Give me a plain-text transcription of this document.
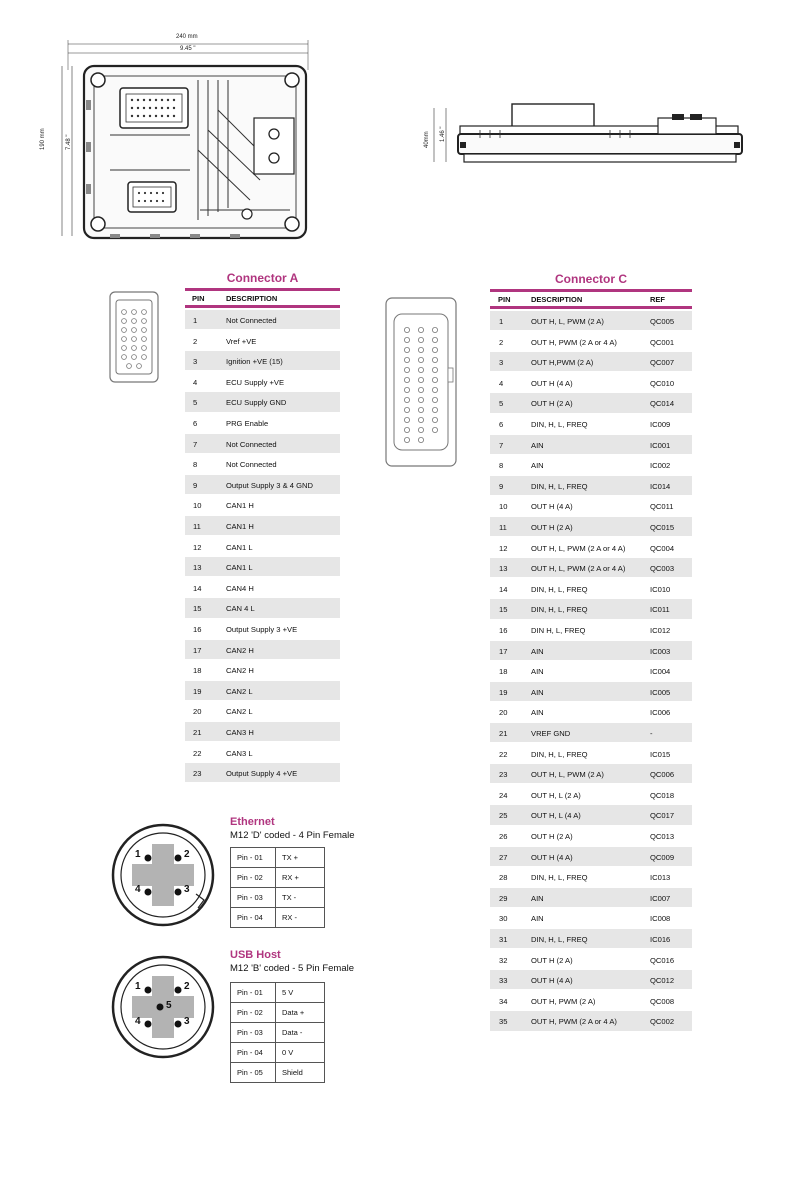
240 mm
9.45 "
190 mm	7.48 "	40mm 1.46 "
Connector A
PIN	DESCRIPTION
1	Not Connected
2	Vref +VE
3	Ignition +VE (15)
4	ECU Supply +VE
5	ECU Supply GND
6	PRG Enable
7	Not Connected
8	Not Connected
9	Output Supply 3 & 4 GND
10	CAN1 H
11	CAN1 H
12	CAN1 L
13	CAN1 L
14	CAN4 H
15	CAN 4 L
16	Output Supply 3 +VE
17	CAN2 H
18	CAN2 H
19	CAN2 L
20	CAN2 L
21	CAN3 H
22	CAN3 L
23	Output Supply 4 +VE
Connector C
PIN	DESCRIPTION	REF
1	OUT H, L, PWM (2 A)	QC005
2	OUT H, PWM (2 A or 4 A)	QC001
3	OUT H,PWM (2 A)	QC007
4	OUT H (4 A)	QC010
5	OUT H (2 A)	QC014
6	DIN, H, L, FREQ	IC009
7	AIN	IC001
8	AIN	IC002
9	DIN, H, L, FREQ	IC014
10	OUT H (4 A)	QC011
11	OUT H (2 A)	QC015
12	OUT H, L, PWM (2 A or 4 A)	QC004
13	OUT H, L, PWM (2 A or 4 A)	QC003
14	DIN, H, L, FREQ	IC010
15	DIN, H, L, FREQ	IC011
16	DIN H, L, FREQ	IC012
17	AIN	IC003
18	AIN	IC004
19	AIN	IC005
20	AIN	IC006
21	VREF GND	-
22	DIN, H, L, FREQ	IC015
23	OUT H, L, PWM (2 A)	QC006
24	OUT H, L (2 A)	QC018
25	OUT H, L (4 A)	QC017
26	OUT H (2 A)	QC013
27	OUT H (4 A)	QC009
28	DIN, H, L, FREQ	IC013
29	AIN	IC007
30	AIN	IC008
31	DIN, H, L, FREQ	IC016
32	OUT H (2 A)	QC016
33	OUT H (4 A)	QC012
34	OUT H, PWM (2 A)	QC008
35	OUT H, PWM (2 A or 4 A)	QC002
1	2
3
4
Ethernet
M12 'D' coded - 4 Pin Female
Pin - 01	TX +
Pin - 02	RX +
Pin - 03	TX -
Pin - 04	RX -
1	2
3
4
5
USB Host
M12 'B' coded - 5 Pin Female
Pin - 01	5 V
Pin - 02	Data +
Pin - 03	Data -
Pin - 04	0 V
Pin - 05	Shield
